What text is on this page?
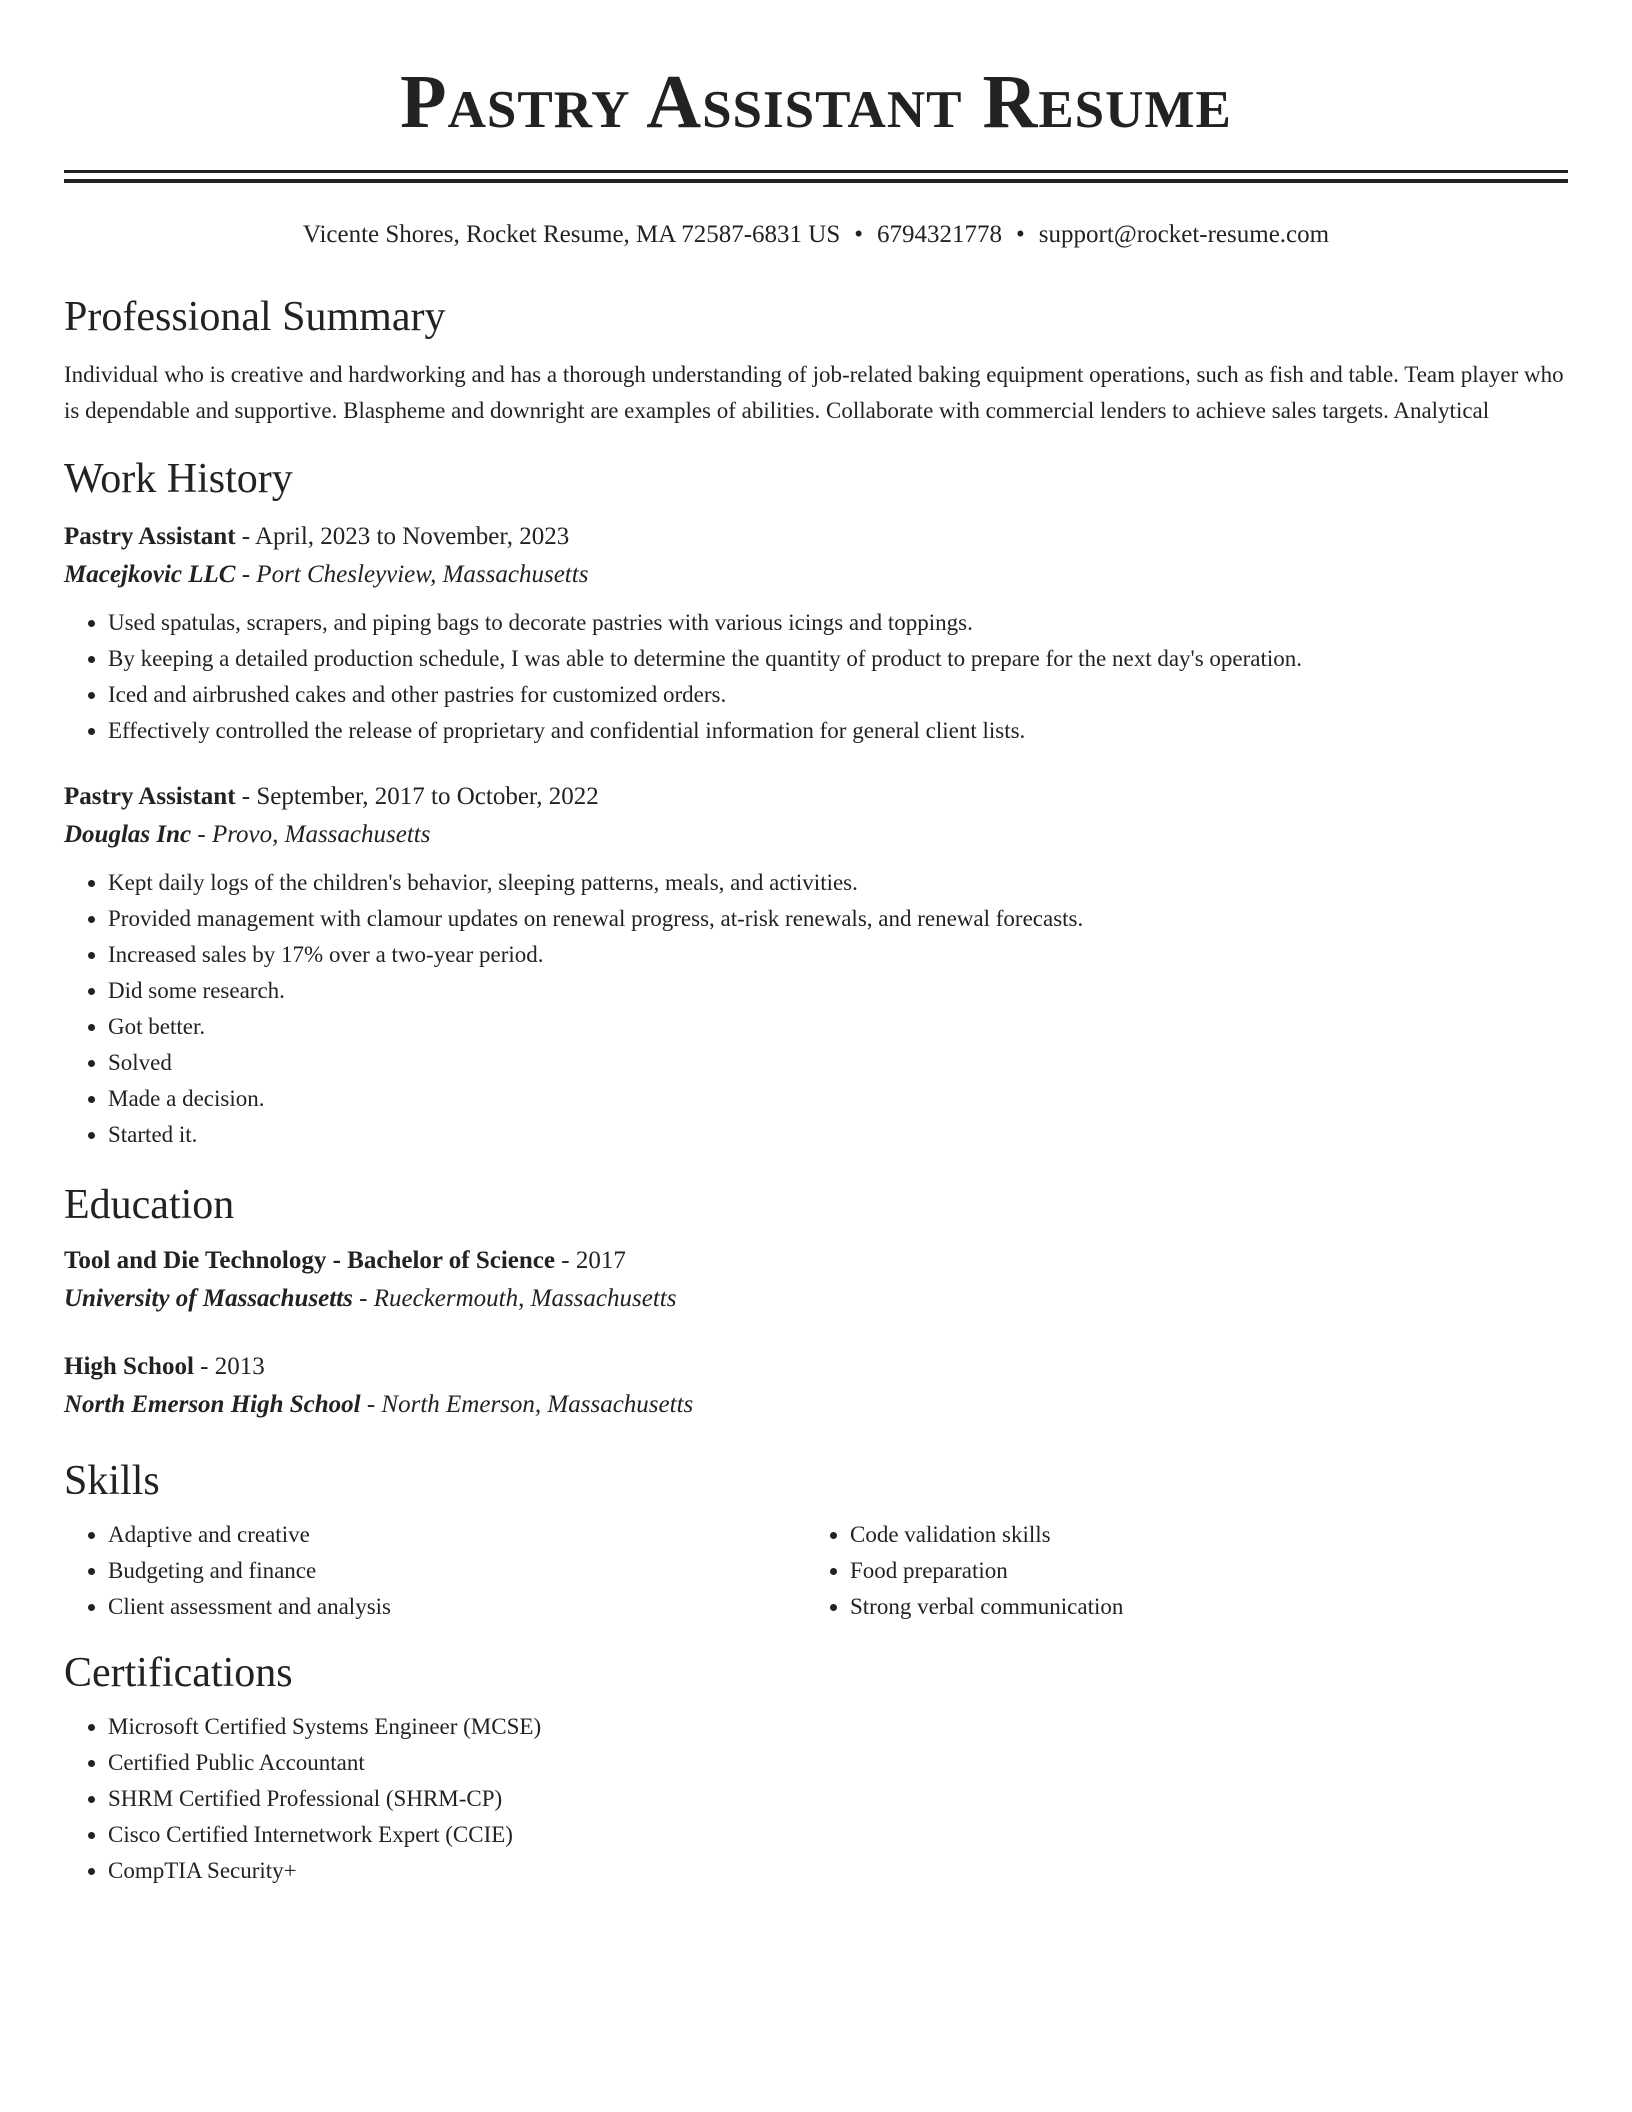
Pastry Assistant Resume
Vicente Shores, Rocket Resume, MA 72587-6831 US • 6794321778 • support@rocket-resume.com
Professional Summary
Individual who is creative and hardworking and has a thorough understanding of job-related baking equipment operations, such as fish and table. Team player who is dependable and supportive. Blaspheme and downright are examples of abilities. Collaborate with commercial lenders to achieve sales targets. Analytical
Work History
Pastry Assistant - April, 2023 to November, 2023
Macejkovic LLC - Port Chesleyview, Massachusetts
• Used spatulas, scrapers, and piping bags to decorate pastries with various icings and toppings.
• By keeping a detailed production schedule, I was able to determine the quantity of product to prepare for the next day's operation.
• Iced and airbrushed cakes and other pastries for customized orders.
• Effectively controlled the release of proprietary and confidential information for general client lists.
Pastry Assistant - September, 2017 to October, 2022
Douglas Inc - Provo, Massachusetts
• Kept daily logs of the children's behavior, sleeping patterns, meals, and activities.
• Provided management with clamour updates on renewal progress, at-risk renewals, and renewal forecasts.
• Increased sales by 17% over a two-year period.
• Did some research.
• Got better.
• Solved
• Made a decision.
• Started it.
Education
Tool and Die Technology - Bachelor of Science - 2017
University of Massachusetts - Rueckermouth, Massachusetts
High School - 2013
North Emerson High School - North Emerson, Massachusetts
Skills
• Adaptive and creative
• Budgeting and finance
• Client assessment and analysis
• Code validation skills
• Food preparation
• Strong verbal communication
Certifications
• Microsoft Certified Systems Engineer (MCSE)
• Certified Public Accountant
• SHRM Certified Professional (SHRM-CP)
• Cisco Certified Internetwork Expert (CCIE)
• CompTIA Security+
